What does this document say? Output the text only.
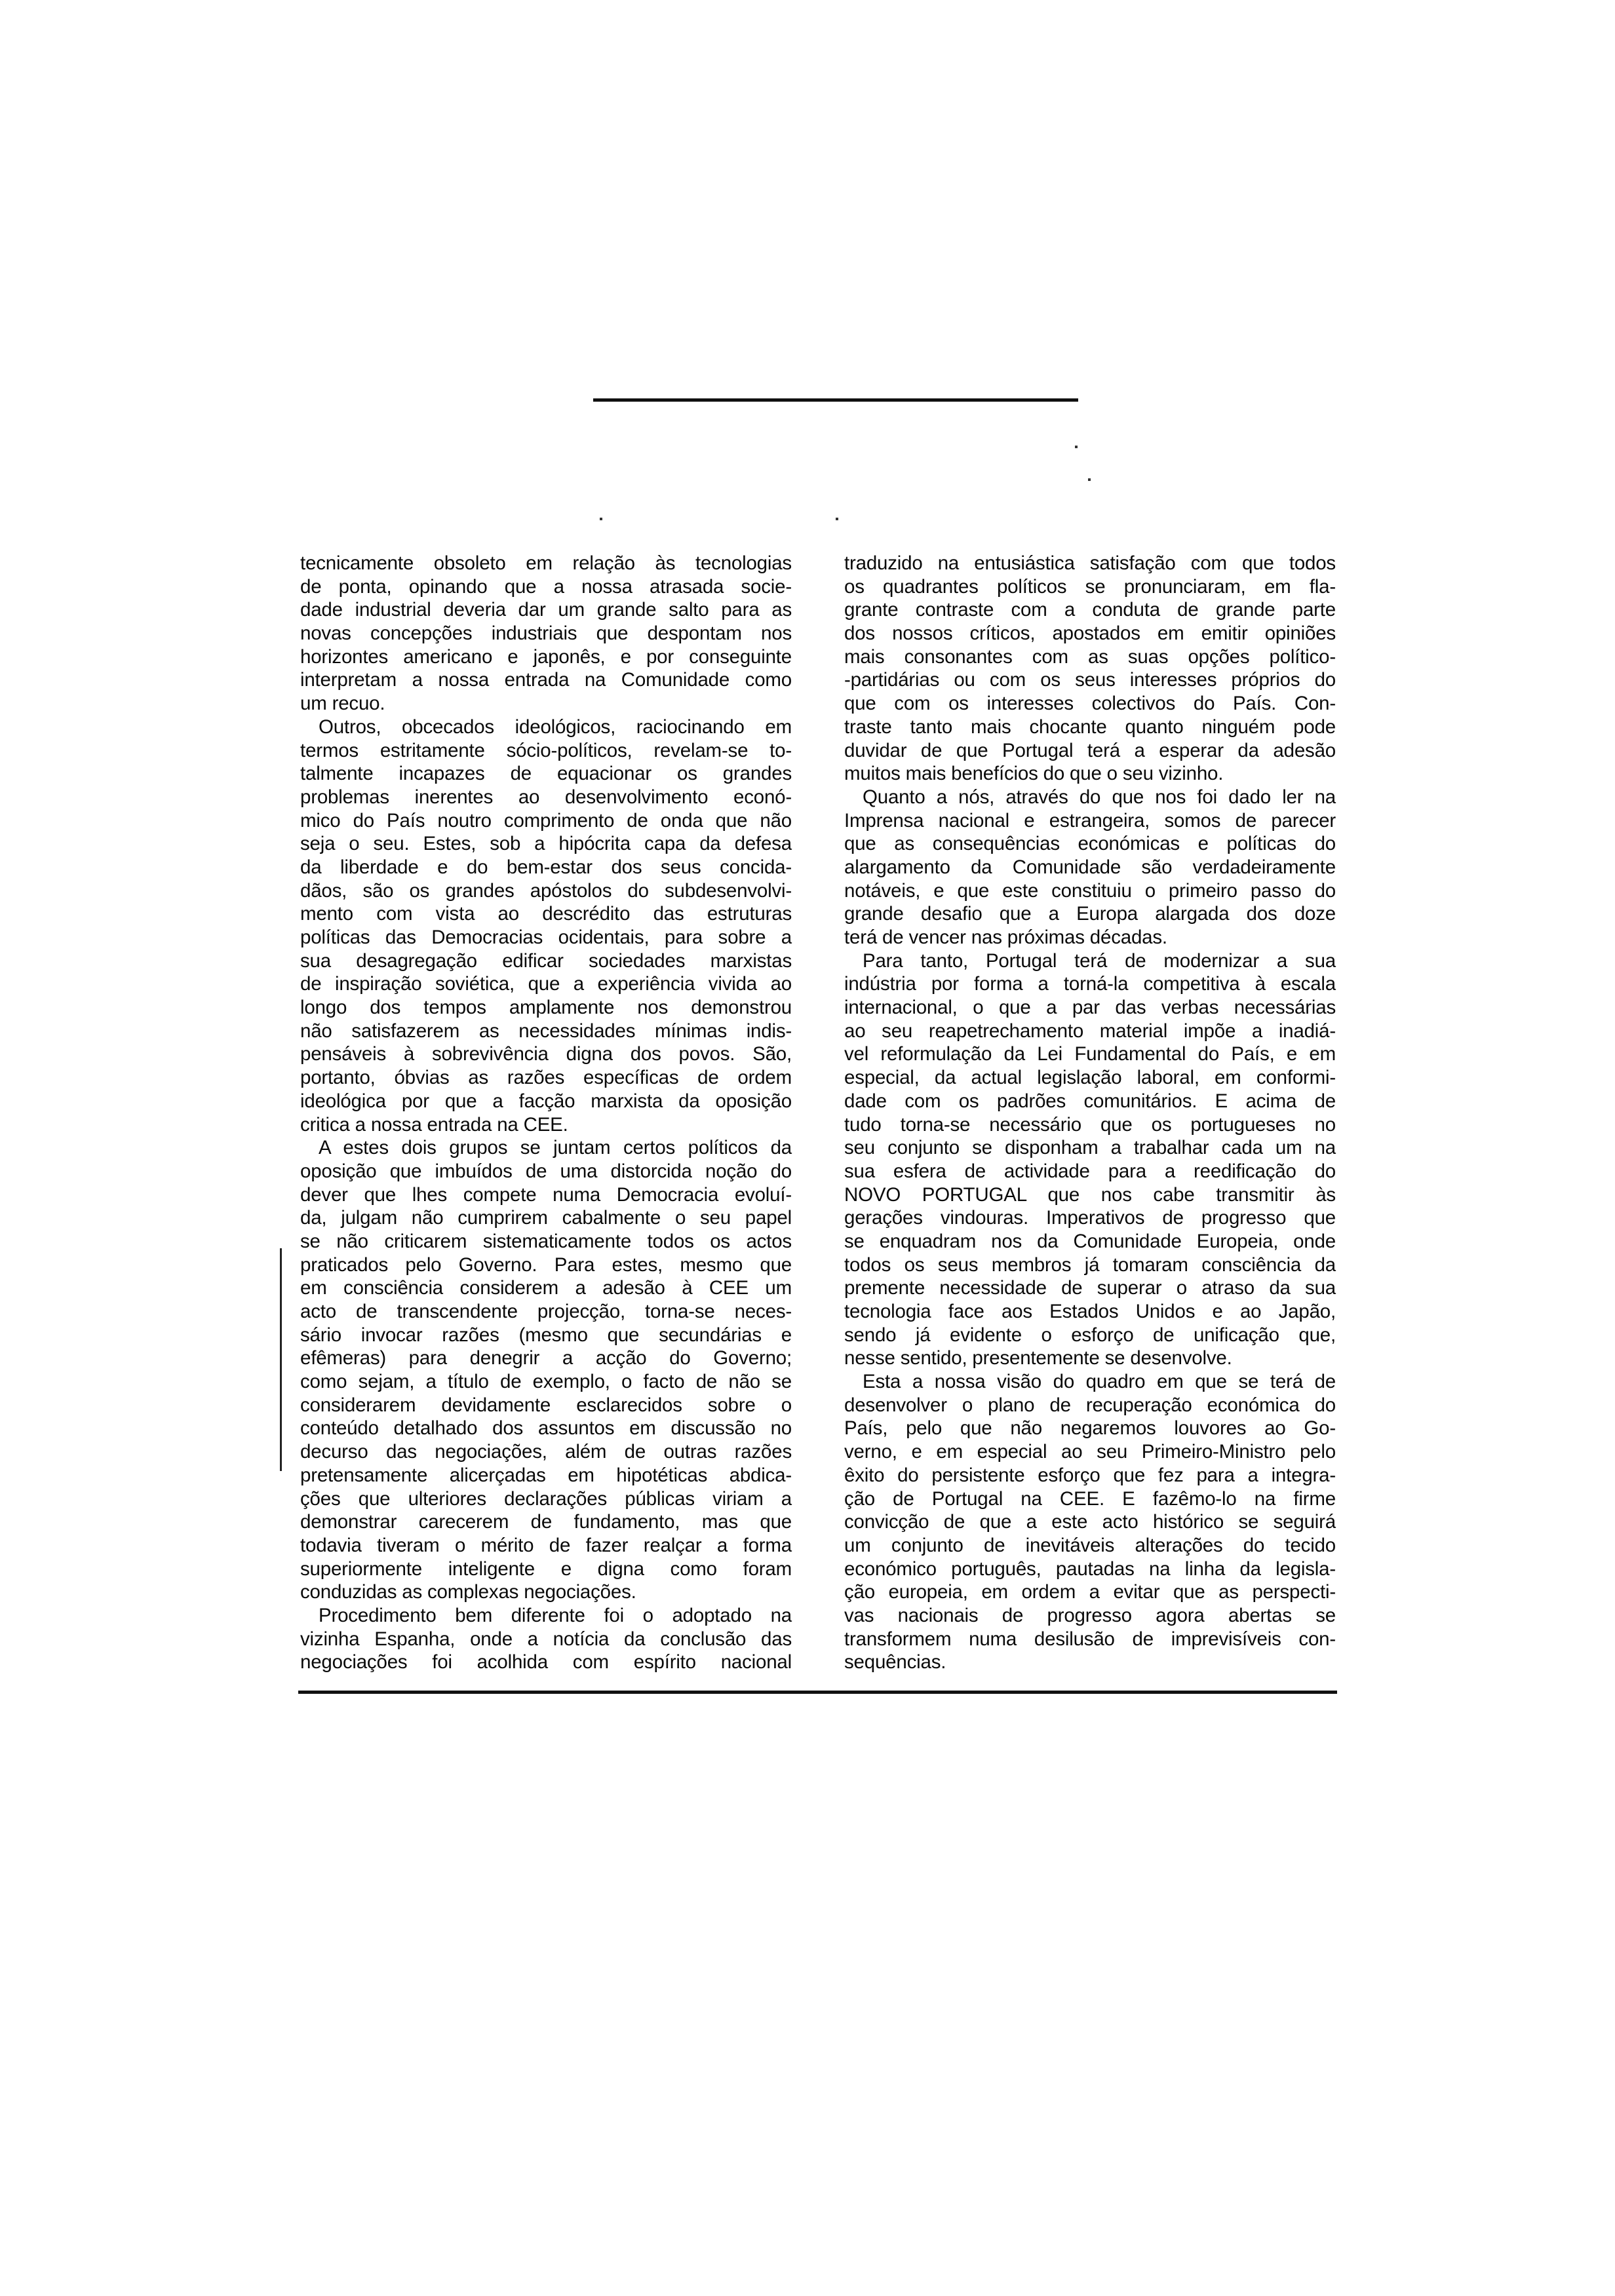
tecnicamente obsoleto em relação às tecnologias
de ponta, opinando que a nossa atrasada socie-
dade industrial deveria dar um grande salto para as
novas concepções industriais que despontam nos
horizontes americano e japonês, e por conseguinte
interpretam a nossa entrada na Comunidade como
um recuo.
Outros, obcecados ideológicos, raciocinando em
termos estritamente sócio-políticos, revelam-se to-
talmente incapazes de equacionar os grandes
problemas inerentes ao desenvolvimento econó-
mico do País noutro comprimento de onda que não
seja o seu. Estes, sob a hipócrita capa da defesa
da liberdade e do bem-estar dos seus concida-
dãos, são os grandes apóstolos do subdesenvolvi-
mento com vista ao descrédito das estruturas
políticas das Democracias ocidentais, para sobre a
sua desagregação edificar sociedades marxistas
de inspiração soviética, que a experiência vivida ao
longo dos tempos amplamente nos demonstrou
não satisfazerem as necessidades mínimas indis-
pensáveis à sobrevivência digna dos povos. São,
portanto, óbvias as razões específicas de ordem
ideológica por que a facção marxista da oposição
critica a nossa entrada na CEE.
A estes dois grupos se juntam certos políticos da
oposição que imbuídos de uma distorcida noção do
dever que lhes compete numa Democracia evoluí-
da, julgam não cumprirem cabalmente o seu papel
se não criticarem sistematicamente todos os actos
praticados pelo Governo. Para estes, mesmo que
em consciência considerem a adesão à CEE um
acto de transcendente projecção, torna-se neces-
sário invocar razões (mesmo que secundárias e
efêmeras) para denegrir a acção do Governo;
como sejam, a título de exemplo, o facto de não se
considerarem devidamente esclarecidos sobre o
conteúdo detalhado dos assuntos em discussão no
decurso das negociações, além de outras razões
pretensamente alicerçadas em hipotéticas abdica-
ções que ulteriores declarações públicas viriam a
demonstrar carecerem de fundamento, mas que
todavia tiveram o mérito de fazer realçar a forma
superiormente inteligente e digna como foram
conduzidas as complexas negociações.
Procedimento bem diferente foi o adoptado na
vizinha Espanha, onde a notícia da conclusão das
negociações foi acolhida com espírito nacional
traduzido na entusiástica satisfação com que todos
os quadrantes políticos se pronunciaram, em fla-
grante contraste com a conduta de grande parte
dos nossos críticos, apostados em emitir opiniões
mais consonantes com as suas opções político-
-partidárias ou com os seus interesses próprios do
que com os interesses colectivos do País. Con-
traste tanto mais chocante quanto ninguém pode
duvidar de que Portugal terá a esperar da adesão
muitos mais benefícios do que o seu vizinho.
Quanto a nós, através do que nos foi dado ler na
Imprensa nacional e estrangeira, somos de parecer
que as consequências económicas e políticas do
alargamento da Comunidade são verdadeiramente
notáveis, e que este constituiu o primeiro passo do
grande desafio que a Europa alargada dos doze
terá de vencer nas próximas décadas.
Para tanto, Portugal terá de modernizar a sua
indústria por forma a torná-la competitiva à escala
internacional, o que a par das verbas necessárias
ao seu reapetrechamento material impõe a inadiá-
vel reformulação da Lei Fundamental do País, e em
especial, da actual legislação laboral, em conformi-
dade com os padrões comunitários. E acima de
tudo torna-se necessário que os portugueses no
seu conjunto se disponham a trabalhar cada um na
sua esfera de actividade para a reedificação do
NOVO PORTUGAL que nos cabe transmitir às
gerações vindouras. Imperativos de progresso que
se enquadram nos da Comunidade Europeia, onde
todos os seus membros já tomaram consciência da
premente necessidade de superar o atraso da sua
tecnologia face aos Estados Unidos e ao Japão,
sendo já evidente o esforço de unificação que,
nesse sentido, presentemente se desenvolve.
Esta a nossa visão do quadro em que se terá de
desenvolver o plano de recuperação económica do
País, pelo que não negaremos louvores ao Go-
verno, e em especial ao seu Primeiro-Ministro pelo
êxito do persistente esforço que fez para a integra-
ção de Portugal na CEE. E fazêmo-lo na firme
convicção de que a este acto histórico se seguirá
um conjunto de inevitáveis alterações do tecido
económico português, pautadas na linha da legisla-
ção europeia, em ordem a evitar que as perspecti-
vas nacionais de progresso agora abertas se
transformem numa desilusão de imprevisíveis con-
sequências.
